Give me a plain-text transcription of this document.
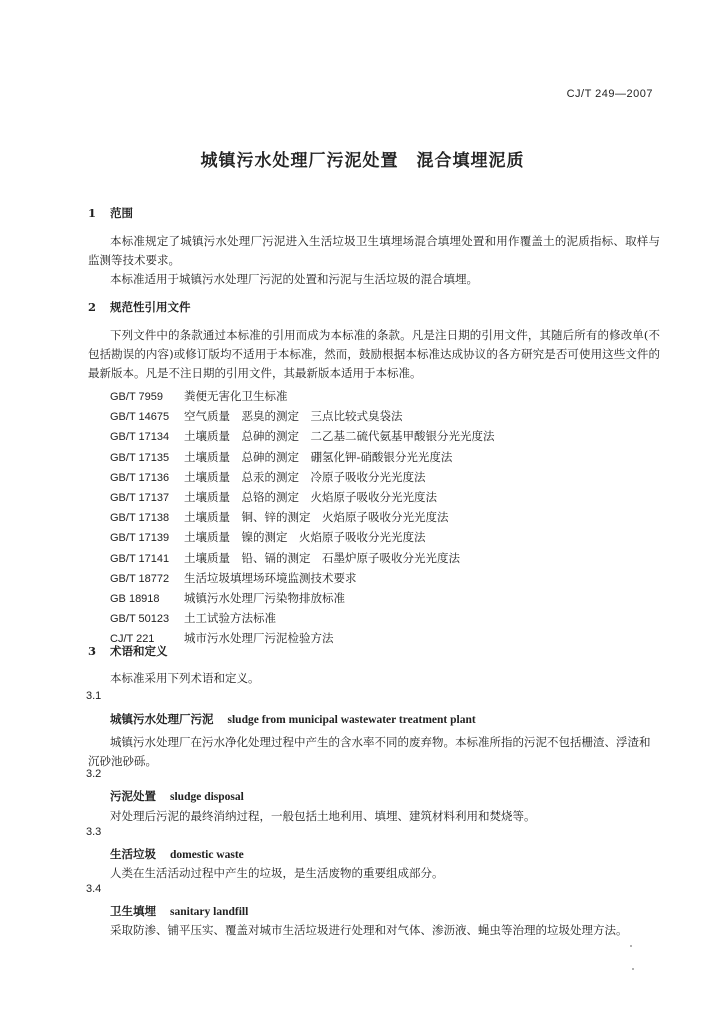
CJ/T 249—2007
城镇污水处理厂污泥处置　混合填埋泥质
1 范围
本标准规定了城镇污水处理厂污泥进入生活垃圾卫生填埋场混合填埋处置和用作覆盖土的泥质指标、取样与监测等技术要求。
本标准适用于城镇污水处理厂污泥的处置和污泥与生活垃圾的混合填埋。
2 规范性引用文件
下列文件中的条款通过本标准的引用而成为本标准的条款。凡是注日期的引用文件，其随后所有的修改单(不包括勘误的内容)或修订版均不适用于本标准，然而，鼓励根据本标准达成协议的各方研究是否可使用这些文件的最新版本。凡是不注日期的引用文件，其最新版本适用于本标准。
GB/T 7959 粪便无害化卫生标准
GB/T 14675 空气质量　恶臭的测定　三点比较式臭袋法
GB/T 17134 土壤质量　总砷的测定　二乙基二硫代氨基甲酸银分光光度法
GB/T 17135 土壤质量　总砷的测定　硼氢化钾-硝酸银分光光度法
GB/T 17136 土壤质量　总汞的测定　冷原子吸收分光光度法
GB/T 17137 土壤质量　总铬的测定　火焰原子吸收分光光度法
GB/T 17138 土壤质量　铜、锌的测定　火焰原子吸收分光光度法
GB/T 17139 土壤质量　镍的测定　火焰原子吸收分光光度法
GB/T 17141 土壤质量　铅、镉的测定　石墨炉原子吸收分光光度法
GB/T 18772 生活垃圾填埋场环境监测技术要求
GB 18918 城镇污水处理厂污染物排放标准
GB/T 50123 土工试验方法标准
CJ/T 221	城市污水处理厂污泥检验方法
3 术语和定义
本标准采用下列术语和定义。
3.1
城镇污水处理厂污泥 sludge from municipal wastewater treatment plant
城镇污水处理厂在污水净化处理过程中产生的含水率不同的废弃物。本标准所指的污泥不包括栅渣、浮渣和沉砂池砂砾。
3.2
污泥处置 sludge disposal
对处理后污泥的最终消纳过程，一般包括土地利用、填埋、建筑材料利用和焚烧等。
3.3
生活垃圾 domestic waste
人类在生活活动过程中产生的垃圾，是生活废物的重要组成部分。
3.4
卫生填埋 sanitary landfill
采取防渗、铺平压实、覆盖对城市生活垃圾进行处理和对气体、渗沥液、蝇虫等治理的垃圾处理方法。
